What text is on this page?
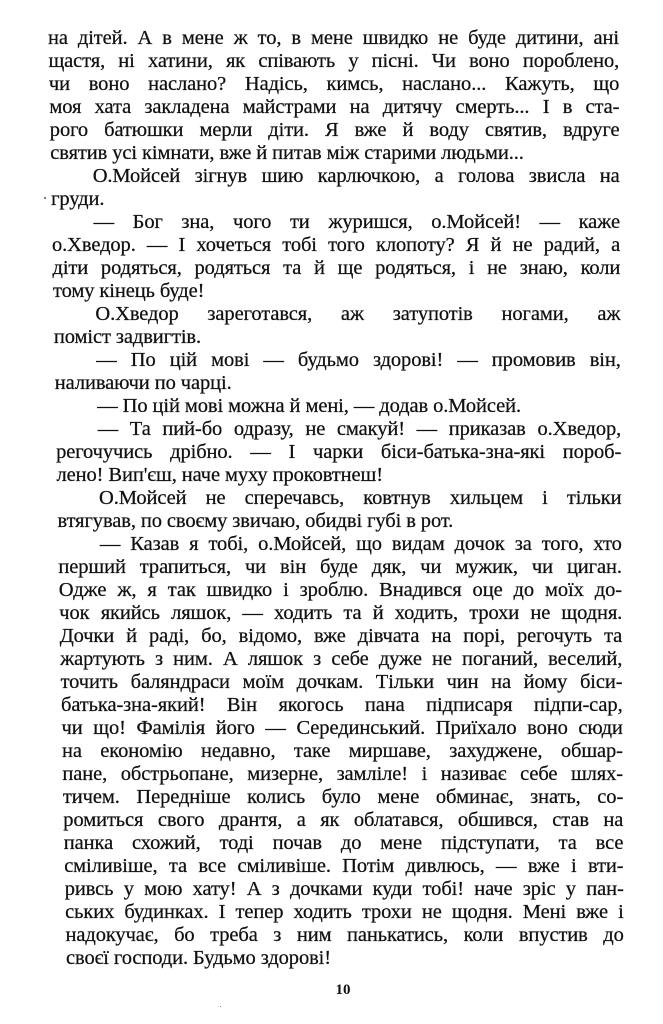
на дітей. А в мене ж то, в мене швидко не буде дитини, ані
щастя, ні хатини, як співають у пісні. Чи воно пороблено,
чи воно наслано? Надісь, кимсь, наслано... Кажуть, що
моя хата закладена майстрами на дитячу смерть... І в ста-
рого батюшки мерли діти. Я вже й воду святив, вдруге
святив усі кімнати, вже й питав між старими людьми...
О.Мойсей зігнув шию карлючкою, а голова звисла на
груди.
— Бог зна, чого ти журишся, о.Мойсей! — каже
о.Хведор. — І хочеться тобі того клопоту? Я й не радий, а
діти родяться, родяться та й ще родяться, і не знаю, коли
тому кінець буде!
О.Хведор зареготався, аж затупотів ногами, аж
поміст задвигтів.
— По цій мові — будьмо здорові! — промовив він,
наливаючи по чарці.
— По цій мові можна й мені, — додав о.Мойсей.
— Та пий-бо одразу, не смакуй! — приказав о.Хведор,
регочучись дрібно. — І чарки біси-батька-зна-які пороб-
лено! Вип'єш, наче муху проковтнеш!
О.Мойсей не сперечавсь, ковтнув хильцем і тільки
втягував, по своєму звичаю, обидві губі в рот.
— Казав я тобі, о.Мойсей, що видам дочок за того, хто
перший трапиться, чи він буде дяк, чи мужик, чи циган.
Одже ж, я так швидко і зроблю. Внадився оце до моїх до-
чок якийсь ляшок, — ходить та й ходить, трохи не щодня.
Дочки й раді, бо, відомо, вже дівчата на порі, регочуть та
жартують з ним. А ляшок з себе дуже не поганий, веселий,
точить баляндраси моїм дочкам. Тільки чин на йому біси-
батька-зна-який! Він якогось пана підписаря підпи-сар,
чи що! Фамілія його — Серединський. Приїхало воно сюди
на економію недавно, таке миршаве, захуджене, обшар-
пане, обстрьопане, мизерне, замліле! і називає себе шлях-
тичем. Передніше колись було мене обминає, знать, со-
ромиться свого дрантя, а як облатався, обшився, став на
панка схожий, тоді почав до мене підступати, та все
сміливіше, та все сміливіше. Потім дивлюсь, — вже і вти-
ривсь у мою хату! А з дочками куди тобі! наче зріс у пан-
ських будинках. І тепер ходить трохи не щодня. Мені вже і
надокучає, бо треба з ним панькатись, коли впустив до
своєї господи. Будьмо здорові!
10
